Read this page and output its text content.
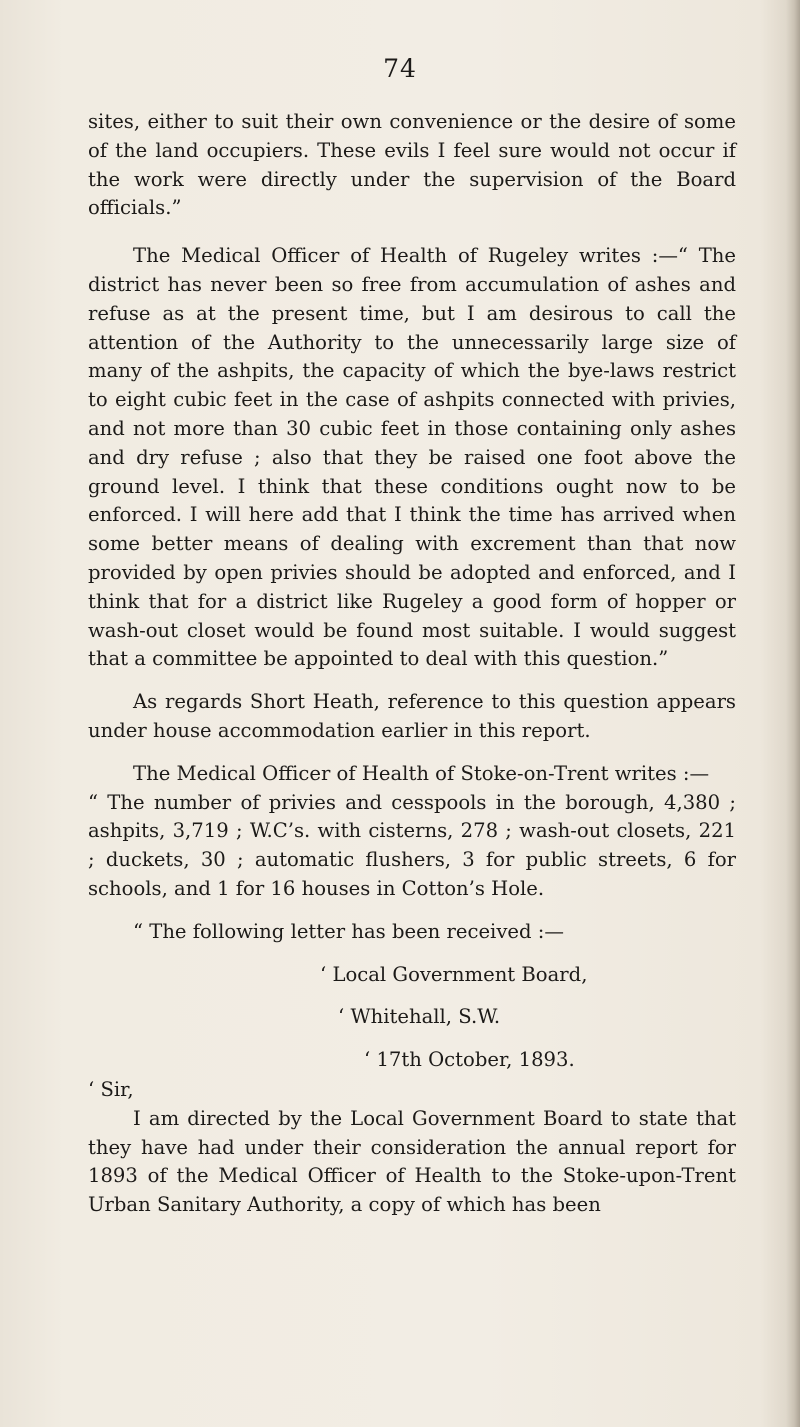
74

sites, either to suit their own convenience or the desire of some of the land occupiers. These evils I feel sure would not occur if the work were directly under the supervision of the Board officials.”

The Medical Officer of Health of Rugeley writes :—“ The district has never been so free from accumulation of ashes and refuse as at the present time, but I am desirous to call the attention of the Authority to the unnecessarily large size of many of the ashpits, the capacity of which the bye-laws restrict to eight cubic feet in the case of ashpits connected with privies, and not more than 30 cubic feet in those containing only ashes and dry refuse ; also that they be raised one foot above the ground level. I think that these conditions ought now to be enforced. I will here add that I think the time has arrived when some better means of dealing with excrement than that now provided by open privies should be adopted and enforced, and I think that for a district like Rugeley a good form of hopper or wash-out closet would be found most suitable. I would suggest that a committee be appointed to deal with this question.”

As regards Short Heath, reference to this question appears under house accommodation earlier in this report.

The Medical Officer of Health of Stoke-on-Trent writes :—

“ The number of privies and cesspools in the borough, 4,380 ; ashpits, 3,719 ; W.C’s. with cisterns, 278 ; wash-out closets, 221 ; duckets, 30 ; automatic flushers, 3 for public streets, 6 for schools, and 1 for 16 houses in Cotton’s Hole.

“ The following letter has been received :—

‘ Local Government Board,

‘ Whitehall, S.W.

‘ 17th October, 1893.

‘ Sir,

I am directed by the Local Government Board to state that they have had under their consideration the annual report for 1893 of the Medical Officer of Health to the Stoke-upon-Trent Urban Sanitary Authority, a copy of which has been
